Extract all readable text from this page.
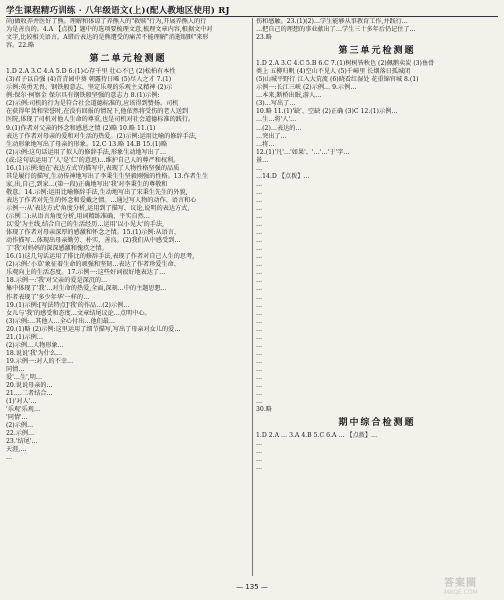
学生课程精巧训练 · 八年级语文(上)(配人教地区使用) RJ
尚)做收养并医好了熊。理解和体谅了养熊人的"救赎"行为,开展养熊人的行
为是善良的。4.A 【点拨】题中的选项要梳理文意,梳理文章内容,根据文中对
文字,比较相关语言。A错后表达的是熊遭受的痛苦不能理解"消逝眼眶"来形
容。22.略
第二单元检测题
1.D 2.A 3.C 4.A 5.D 6.(1)心存千里 壮心不已 (2)松柏有本性
(3)君子以自强 (4)青青园中葵 朝露待日晞 (5)尽人之才 7.(1)
示例:英勇无畏、钢铁般意志、坚定乐观的乐观主义精神 (2)示
例:保尔·柯察金 保尔具有钢铁般坚强的意志力 8.(1)示例:
(2)示例:司机的行为是符合社会道德标准的,应该得到赞扬。司机
在获得年货和荣誉时,在没有回报的情况下,他依然将受伤的老人送到
医院,体现了司机对他人生命的尊重,也是司机对社会道德标准的践行。
9.(1)作者对父亲的怀念和感恩之情 (2)略 10.略 11.(1)
表达了作者对母亲的爱和对生活的热爱。(2)示例:运用比喻的修辞手法,
生动形象地写出了母亲的形象。12.C 13.略 14.B 15.(1)略
(2)示例:这句话运用了拟人的修辞手法,形象生动地写出了…
(或:这句话运用了'人'是'仁'的意思)…维护自己人的尊严和权利。
16.(1)示例:她在'表达方式'的描写中,表现了人物性格坚强的品质
其是履行的描写,生动传神地写出了李秉生生坚毅刚强的性格。13.作者生生
家,出,自己,到家…(第一段)正确地写出'我'对李秉生的尊敬和
敬意。14.示例:运用比喻修辞手法,生动地写出了宋秉生先生的外貌,
表达了作者对先生的怀念和爱戴之情。…通过写人物的动作、语言和心
示例一:从'表达方式'角度分析,运用到了描写、议论,说明的表达方式,
(示例二):从语言角度分析,用词精练准确、平实自然…
以'爱'为主线,结合自己的生活经历…运用'以小见大'的手法,
体现了作者对母亲深厚的感激和怀念之情。15.(1)示例:从语言、
动作描写…体现出母亲勤劳、朴实、善良。(2)我们从中感受到…
了'我'对妈妈的深深感激和愧疚之情。
16.(1)这几句话运用了排比的修辞手法,表现了作者对自己人生的思考,
(2)示例:'小草'象征着生命的顽强和坚韧…表达了作者珍爱生命、
乐观向上的生活态度。17.示例一:这些好词很好地表达了…
18.示例一:'我'对父亲的爱是深沉的…
集中体现了'我'…对生命的热爱,全面,深刻…中的主题思想…
作者表现了'多少年华'一样的…
19.(1)示例:[写法特点]'我'的作品…(2)示例…
女儿与'我'的感受和态度…文章结尾议论…点明中心。
(3)示例:…其他人…全心付出…他们最…
20.(1)略 (2)示例:这里运用了细节描写,写出了母亲对女儿的爱…
21.(1)示例…
(2)示例…人物形象…
18.说说'我'为什么…
19.示例一:对人的不幸…
同情…
爱'…生',明…
20.说说母亲的…
21.…二者结合…
(1)'对人'…
'乐观'乐观…
'同情'…
(2)示例…
22.示例…
23.'结尾'…
天涯,…
…
伤和感触。23.(1)(2)…学生能够从事教育工作,并践行…
…把自己的理想的事业献出了…学生三十多年后仍记住了…
23.略
第三单元检测题
1.D 2.A 3.C 4.C 5.B 6.C 7.(1)树树皆秋色 (2)佩鹅卖炭 (3)鱼骨
类上 五柳归帆 (4)空山不见人 (5)千嶂里 长烟落日孤城闭
(5)山城平野行 江入大荒流 (6)晓看红湿处 花重锦官城 8.(1)
示例一:长江三峡 (2)示例… 9.示例…
…本来,断桥出眠,游人…
(3)…写出了…
10.略 11.(1)'缺'、空缺 (2)正确 (3)C 12.(1)示例…
…生…将'人'…
…(2)…表达的…
…突出了…
…将…
12.(1)'凡'…'如果'、'…'…'于'字…
景…
…
…14.D 【点拨】…
…
…
…
…
…
…
…
…
…
…
…
…
…
…
…
…
…
…
…
…
…
…
…
…
…
…
…
…
30.略
期中综合检测题
1.D 2.A … 3.A 4.B 5.C 6.A … 【点拨】…
…
…
…
…
— 135 —	答案圈
MXQE.COM
